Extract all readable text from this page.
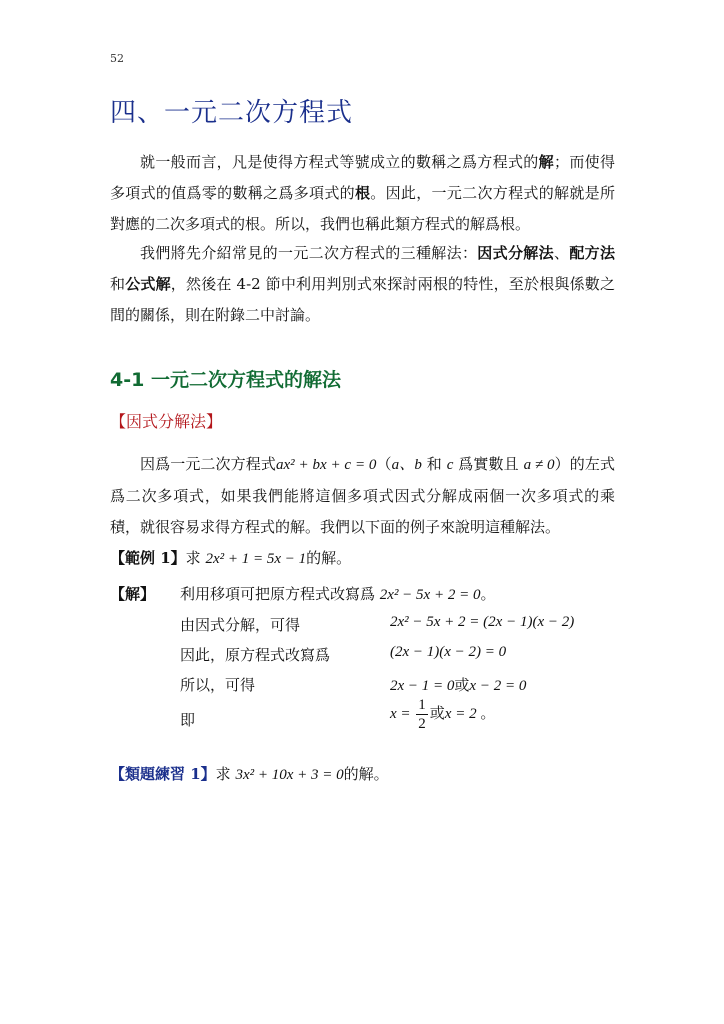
52
四、一元二次方程式

就一般而言，凡是使得方程式等號成立的數稱之爲方程式的解；而使得多項式的值爲零的數稱之爲多項式的根。因此，一元二次方程式的解就是所對應的二次多項式的根。所以，我們也稱此類方程式的解爲根。

我們將先介紹常見的一元二次方程式的三種解法：因式分解法、配方法和公式解，然後在 4-2 節中利用判別式來探討兩根的特性，至於根與係數之間的關係，則在附錄二中討論。

4-1 一元二次方程式的解法
【因式分解法】

因爲一元二次方程式ax² + bx + c = 0（a、b 和 c 爲實數且 a ≠ 0）的左式爲二次多項式，如果我們能將這個多項式因式分解成兩個一次多項式的乘積，就很容易求得方程式的解。我們以下面的例子來說明這種解法。

【範例 1】求 2x² + 1 = 5x − 1的解。
【解】 利用移項可把原方程式改寫爲 2x² − 5x + 2 = 0。
由因式分解，可得	2x² − 5x + 2 = (2x − 1)(x − 2)
因此，原方程式改寫爲	(2x − 1)(x − 2) = 0
所以，可得	2x − 1 = 0或x − 2 = 0
即	$x = \frac{1}{2}$ 或x = 2 。
【類題練習 1】求 3x² + 10x + 3 = 0的解。
